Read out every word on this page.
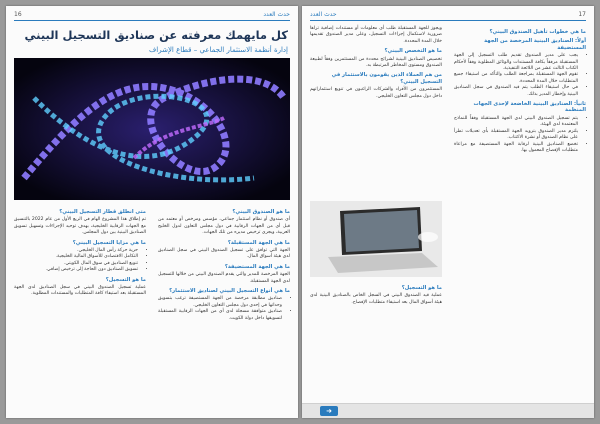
16	حدث العدد
كل مايهمك معرفته عن صناديق التسجيل البيني
إدارة أنظمة الاستثمار الجماعي – قطاع الإشراف
ما هو الصندوق البيني؟

أي صندوق أو نظام استثمار جماعي، مؤسس ومرخص أو معتمد من قبل أي من الجهات الرقابية في دول مجلس التعاون لدول الخليج العربية، ويجري ترخيص مديره من تلك الجهات.

ما هي الجهة المستقبلة؟

الجهة التي توافق على تسجيل الصندوق البيني في سجل الصناديق لدى هيئة أسواق المال.

ما هي الجهة المستضيفة؟

الجهة المرخصة للمدير والتي يقدم الصندوق البيني من خلالها للتسجيل لدى الجهة المستقبلة.

ما هي أنواع التسجيل البيني لصناديق الاستثمار؟
• صناديق مطابقة مرخصة من الجهة المستضيفة ترغب بتسويق وحداتها في إحدى دول مجلس التعاون الخليجي.
• صناديق متوافقة مسجلة لدى أي من الجهات الرقابية المستقبلة لتسويقها داخل دولة الكويت.
متى انطلق قطار التسجيل البيني؟

تم إطلاق هذا المشروع الهام في الربع الأول من عام 2022 بالتنسيق مع الجهات الرقابية الخليجية، بهدف توحيد الإجراءات وتسهيل تسويق الصناديق البينية بين دول المجلس.

ما هي مزايا التسجيل البيني؟
• حرية حركة رأس المال الخليجي.
• التكامل الاقتصادي للأسواق المالية الخليجية.
• تنويع الصناديق في سوق المال الكويتي.
• تسويق الصناديق دون الحاجة إلى ترخيص إضافي.
ما هو التسجيل؟

عملية تسجيل الصندوق البيني في سجل الصناديق لدى الجهة المستقبلة بعد استيفاء كافة المتطلبات والمستندات المطلوبة.

17
حدث العدد
ما هي خطوات تأهيل الصندوق البيني؟
أولاً: الصناديق البينية المرخصة من الجهة المستضيفة
• يجب على مدير الصندوق تقديم طلب التسجيل إلى الجهة المستقبلة مرفقاً بكافة المستندات والوثائق المطلوبة وفقاً لأحكام الكتاب الثالث عشر من اللائحة التنفيذية.
• تقوم الجهة المستقبلة بمراجعة الطلب والتأكد من استيفاء جميع المتطلبات خلال المدة المحددة.
• في حال استيفاء الطلب يتم قيد الصندوق في سجل الصناديق البينية وإخطار المدير بذلك.
ثانياً: الصناديق البينية الخاضعة لإحدى الجهات المنظمة
• يتم تسجيل الصندوق البيني لدى الجهة المستقبلة وفقاً للنماذج المعتمدة لدى الهيئة.
• يلتزم مدير الصندوق بتزويد الجهة المستقبلة بأي تعديلات تطرأ على نظام الصندوق أو نشرة الاكتتاب.
• تخضع الصناديق البينية لرقابة الجهة المستضيفة مع مراعاة متطلبات الإفصاح المعمول بها.

ويجوز للجهة المستقبلة طلب أي معلومات أو مستندات إضافية تراها ضرورية لاستكمال إجراءات التسجيل، وعلى مدير الصندوق تقديمها خلال المدة المحددة.

ما هو التخصص البيني؟

تخصيص الصناديق البينية لشرائح محددة من المستثمرين وفقاً لطبيعة الصندوق ومستوى المخاطر المرتبطة به.

من هم العملاء الذين يقومون بالاستثمار في التسجيل البيني؟

المستثمرون من الأفراد والشركات الراغبون في تنويع استثماراتهم داخل دول مجلس التعاون الخليجي.

ما هو التسجيل؟

عملية قيد الصندوق البيني في السجل الخاص بالصناديق البينية لدى هيئة أسواق المال بعد استيفاء متطلبات الإفصاح.

➜
